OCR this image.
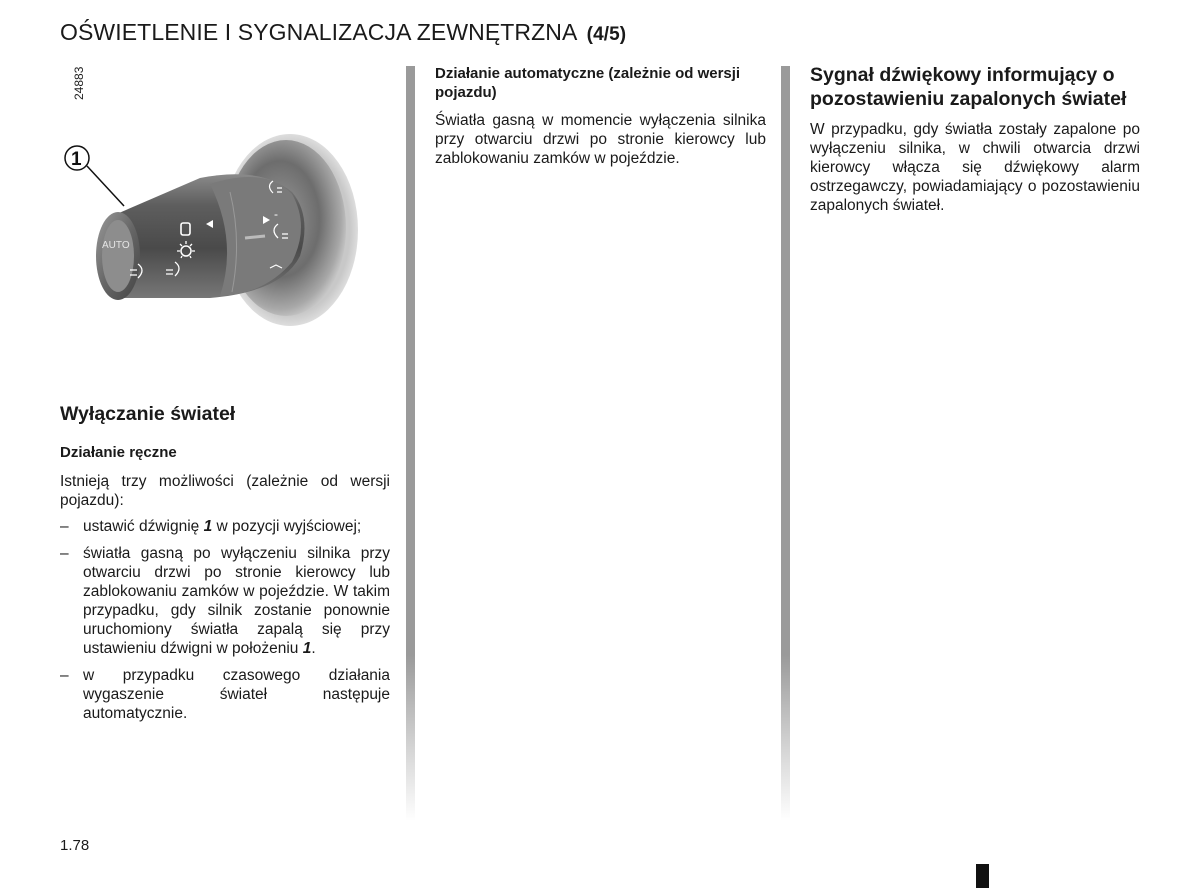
OŚWIETLENIE I SYGNALIZACJA ZEWNĘTRZNA (4/5)
AUTO
-
1
24883
Wyłączanie świateł
Działanie ręczne

Istnieją trzy możliwości (zależnie od wersji pojazdu):

– ustawić dźwignię 1 w pozycji wyjściowej;
– światła gasną po wyłączeniu silnika przy otwarciu drzwi po stronie kierowcy lub zablokowaniu zamków w pojeździe. W takim przypadku, gdy silnik zostanie ponownie uruchomiony światła zapalą się przy ustawieniu dźwigni w położeniu 1.
– w przypadku czasowego działania wygaszenie świateł następuje automatycznie.
Działanie automatyczne (zależnie od wersji pojazdu)

Światła gasną w momencie wyłączenia silnika przy otwarciu drzwi po stronie kierowcy lub zablokowaniu zamków w pojeździe.

Sygnał dźwiękowy informujący o pozostawieniu zapalonych świateł

W przypadku, gdy światła zostały zapalone po wyłączeniu silnika, w chwili otwarcia drzwi kierowcy włącza się dźwiękowy alarm ostrzegawczy, powiadamiający o pozostawieniu zapalonych świateł.

1.78
